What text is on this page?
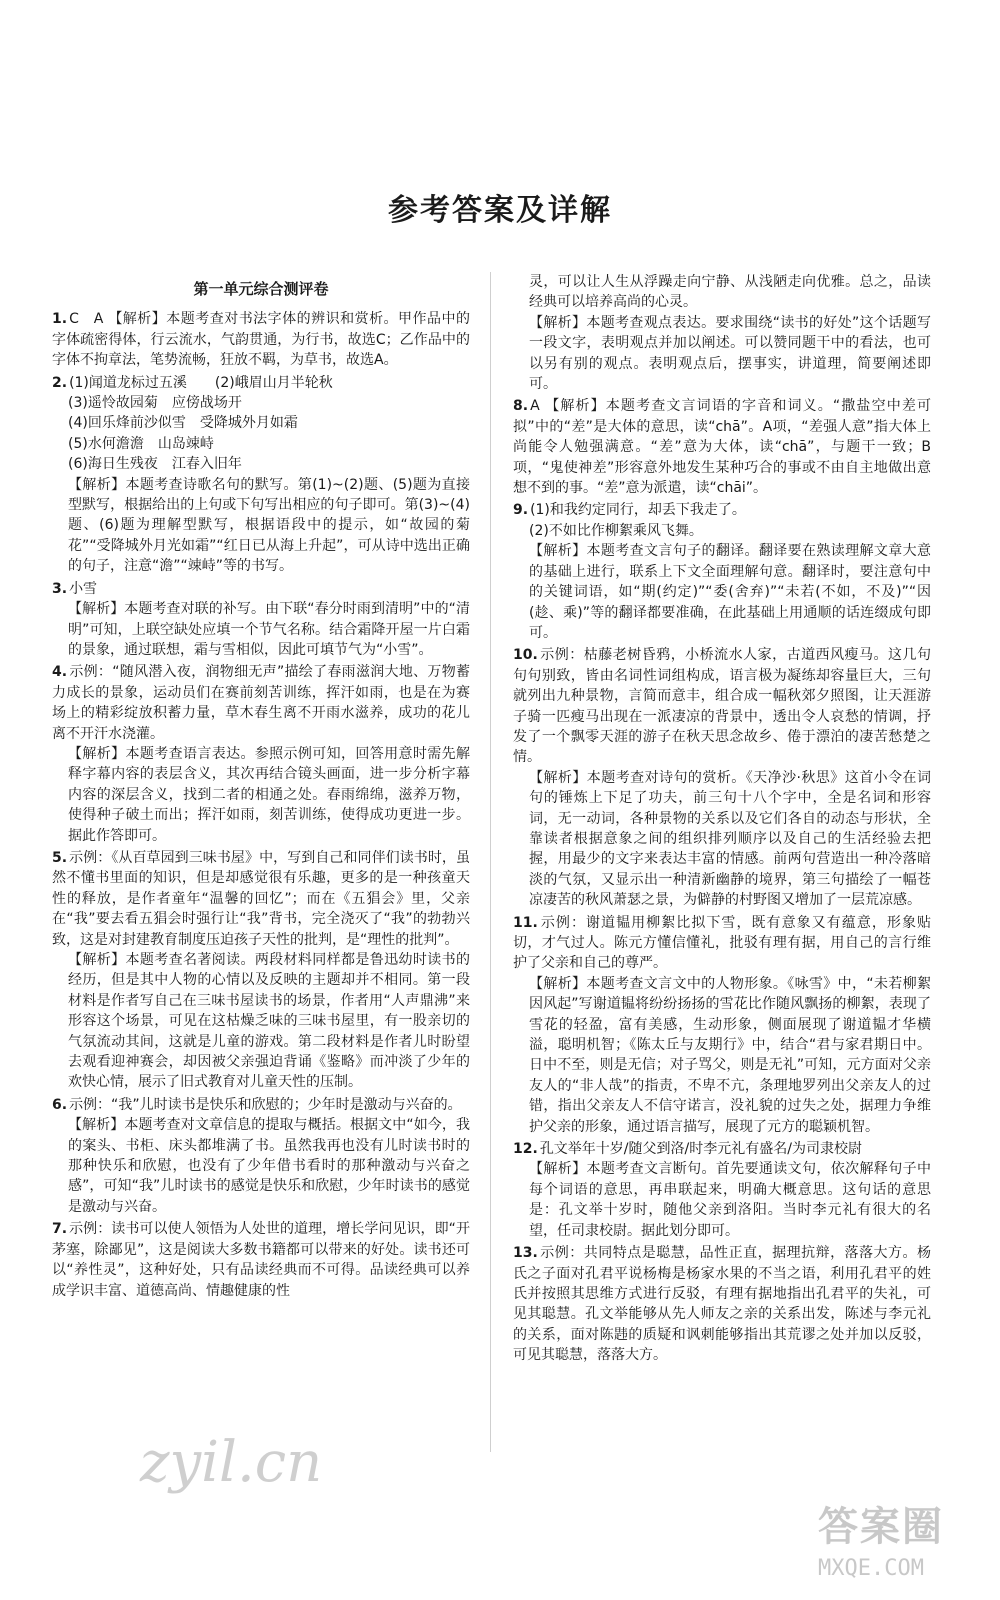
参考答案及详解
第一单元综合测评卷

1. C　A 【解析】本题考查对书法字体的辨识和赏析。甲作品中的字体疏密得体，行云流水，气韵贯通，为行书，故选C；乙作品中的字体不拘章法，笔势流畅，狂放不羁，为草书，故选A。

2. (1)闻道龙标过五溪　　(2)峨眉山月半轮秋
(3)遥怜故园菊　应傍战场开
(4)回乐烽前沙似雪　受降城外月如霜
(5)水何澹澹　山岛竦峙
(6)海日生残夜　江春入旧年
【解析】本题考查诗歌名句的默写。第(1)~(2)题、(5)题为直接型默写，根据给出的上句或下句写出相应的句子即可。第(3)~(4)题、(6)题为理解型默写，根据语段中的提示，如“故园的菊花”“受降城外月光如霜”“红日已从海上升起”，可从诗中选出正确的句子，注意“澹”“竦峙”等的书写。
3. 小雪
【解析】本题考查对联的补写。由下联“春分时雨到清明”中的“清明”可知，上联空缺处应填一个节气名称。结合霜降开屋一片白霜的景象，通过联想，霜与雪相似，因此可填节气为“小雪”。
4. 示例：“随风潜入夜，润物细无声”描绘了春雨滋润大地、万物蓄力成长的景象，运动员们在赛前刻苦训练，挥汗如雨，也是在为赛场上的精彩绽放积蓄力量，草木春生离不开雨水滋养，成功的花儿离不开汗水浇灌。
【解析】本题考查语言表达。参照示例可知，回答用意时需先解释字幕内容的表层含义，其次再结合镜头画面，进一步分析字幕内容的深层含义，找到二者的相通之处。春雨绵绵，滋养万物，使得种子破土而出；挥汗如雨，刻苦训练，使得成功更进一步。据此作答即可。
5. 示例：《从百草园到三味书屋》中，写到自己和同伴们读书时，虽然不懂书里面的知识，但是却感觉很有乐趣，更多的是一种孩童天性的释放，是作者童年“温馨的回忆”；而在《五猖会》里，父亲在“我”要去看五猖会时强行让“我”背书，完全浇灭了“我”的勃勃兴致，这是对封建教育制度压迫孩子天性的批判，是“理性的批判”。
【解析】本题考查名著阅读。两段材料同样都是鲁迅幼时读书的经历，但是其中人物的心情以及反映的主题却并不相同。第一段材料是作者写自己在三味书屋读书的场景，作者用“人声鼎沸”来形容这个场景，可见在这枯燥乏味的三味书屋里，有一股亲切的气氛流动其间，这就是儿童的游戏。第二段材料是作者儿时盼望去观看迎神赛会，却因被父亲强迫背诵《鉴略》而冲淡了少年的欢快心情，展示了旧式教育对儿童天性的压制。
6. 示例：“我”儿时读书是快乐和欣慰的；少年时是激动与兴奋的。
【解析】本题考查对文章信息的提取与概括。根据文中“如今，我的案头、书柜、床头都堆满了书。虽然我再也没有儿时读书时的那种快乐和欣慰，也没有了少年借书看时的那种激动与兴奋之感”，可知“我”儿时读书的感觉是快乐和欣慰，少年时读书的感觉是激动与兴奋。
7. 示例：读书可以使人领悟为人处世的道理，增长学问见识，即“开茅塞，除鄙见”，这是阅读大多数书籍都可以带来的好处。读书还可以“养性灵”，这种好处，只有品读经典而不可得。品读经典可以养成学识丰富、道德高尚、情趣健康的性
灵，可以让人生从浮躁走向宁静、从浅陋走向优雅。总之，品读经典可以培养高尚的心灵。
【解析】本题考查观点表达。要求围绕“读书的好处”这个话题写一段文字，表明观点并加以阐述。可以赞同题干中的看法，也可以另有别的观点。表明观点后，摆事实，讲道理，简要阐述即可。

8. A 【解析】本题考查文言词语的字音和词义。“撒盐空中差可拟”中的“差”是大体的意思，读“chā”。A项，“差强人意”指大体上尚能令人勉强满意。“差”意为大体，读“chā”，与题干一致；B项，“鬼使神差”形容意外地发生某种巧合的事或不由自主地做出意想不到的事。“差”意为派遣，读“chāi”。

9. (1)和我约定同行，却丢下我走了。
(2)不如比作柳絮乘风飞舞。
【解析】本题考查文言句子的翻译。翻译要在熟读理解文章大意的基础上进行，联系上下文全面理解句意。翻译时，要注意句中的关键词语，如“期(约定)”“委(舍弃)”“未若(不如，不及)”“因(趁、乘)”等的翻译都要准确，在此基础上用通顺的话连缀成句即可。
10. 示例：枯藤老树昏鸦，小桥流水人家，古道西风瘦马。这几句句句别致，皆由名词性词组构成，语言极为凝练却容量巨大，三句就列出九种景物，言简而意丰，组合成一幅秋郊夕照图，让天涯游子骑一匹瘦马出现在一派凄凉的背景中，透出令人哀愁的情调，抒发了一个飘零天涯的游子在秋天思念故乡、倦于漂泊的凄苦愁楚之情。
【解析】本题考查对诗句的赏析。《天净沙·秋思》这首小令在词句的锤炼上下足了功夫，前三句十八个字中，全是名词和形容词，无一动词，各种景物的关系以及它们各自的动态与形状，全靠读者根据意象之间的组织排列顺序以及自己的生活经验去把握，用最少的文字来表达丰富的情感。前两句营造出一种冷落暗淡的气氛，又显示出一种清新幽静的境界，第三句描绘了一幅苍凉凄苦的秋风萧瑟之景，为僻静的村野图又增加了一层荒凉感。
11. 示例：谢道韫用柳絮比拟下雪，既有意象又有蕴意，形象贴切，才气过人。陈元方懂信懂礼，批驳有理有据，用自己的言行维护了父亲和自己的尊严。
【解析】本题考查文言文中的人物形象。《咏雪》中，“未若柳絮因风起”写谢道韫将纷纷扬扬的雪花比作随风飘扬的柳絮，表现了雪花的轻盈，富有美感，生动形象，侧面展现了谢道韫才华横溢，聪明机智；《陈太丘与友期行》中，结合“君与家君期日中。日中不至，则是无信；对子骂父，则是无礼”可知，元方面对父亲友人的“非人哉”的指责，不卑不亢，条理地罗列出父亲友人的过错，指出父亲友人不信守诺言，没礼貌的过失之处，据理力争维护父亲的形象，通过语言描写，展现了元方的聪颖机智。
12. 孔文举年十岁/随父到洛/时李元礼有盛名/为司隶校尉
【解析】本题考查文言断句。首先要通读文句，依次解释句子中每个词语的意思，再串联起来，明确大概意思。这句话的意思是：孔文举十岁时，随他父亲到洛阳。当时李元礼有很大的名望，任司隶校尉。据此划分即可。
13. 示例：共同特点是聪慧，品性正直，据理抗辩，落落大方。杨氏之子面对孔君平说杨梅是杨家水果的不当之语，利用孔君平的姓氏并按照其思维方式进行反驳，有理有据地指出孔君平的失礼，可见其聪慧。孔文举能够从先人师友之亲的关系出发，陈述与李元礼的关系，面对陈韪的质疑和讽刺能够指出其荒谬之处并加以反驳，可见其聪慧，落落大方。
zyil.cn
答案圈
MXQE.COM
